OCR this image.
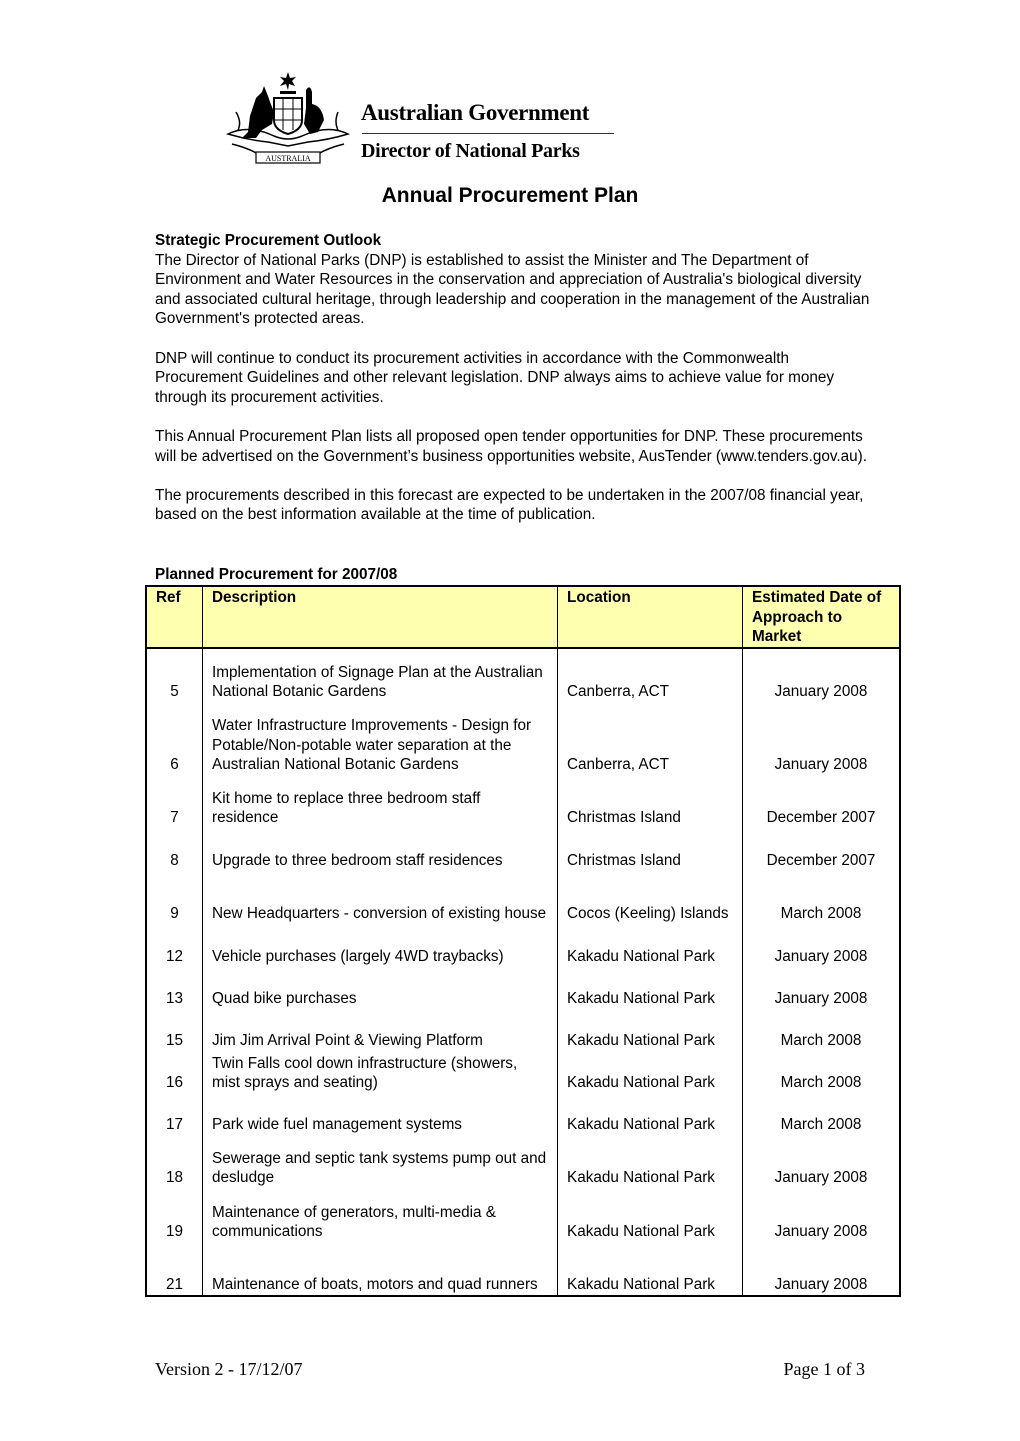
AUSTRALIA
Australian Government
Director of National Parks
Annual Procurement Plan

Strategic Procurement Outlook
The Director of National Parks (DNP) is established to assist the Minister and The Department of Environment and Water Resources in the conservation and appreciation of Australia's biological diversity and associated cultural heritage, through leadership and cooperation in the management of the Australian Government's protected areas.

DNP will continue to conduct its procurement activities in accordance with the Commonwealth Procurement Guidelines and other relevant legislation. DNP always aims to achieve value for money through its procurement activities.

This Annual Procurement Plan lists all proposed open tender opportunities for DNP. These procurements will be advertised on the Government’s business opportunities website, AusTender (www.tenders.gov.au).

The procurements described in this forecast are expected to be undertaken in the 2007/08 financial year, based on the best information available at the time of publication.

Planned Procurement for 2007/08
Ref	Description	Location	Estimated Date of Approach to Market
5	Implementation of Signage Plan at the Australian National Botanic Gardens	Canberra, ACT	January 2008
6	Water Infrastructure Improvements - Design for Potable/Non-potable water separation at the Australian National Botanic Gardens	Canberra, ACT	January 2008
7	Kit home to replace three bedroom staff residence	Christmas Island	December 2007
8	Upgrade to three bedroom staff residences	Christmas Island	December 2007
9	New Headquarters - conversion of existing house	Cocos (Keeling) Islands	March 2008
12	Vehicle purchases (largely 4WD traybacks)	Kakadu National Park	January 2008
13	Quad bike purchases	Kakadu National Park	January 2008
15	Jim Jim Arrival Point & Viewing Platform	Kakadu National Park	March 2008
16	Twin Falls cool down infrastructure (showers, mist sprays and seating)	Kakadu National Park	March 2008
17	Park wide fuel management systems	Kakadu National Park	March 2008
18	Sewerage and septic tank systems pump out and desludge	Kakadu National Park	January 2008
19	Maintenance of generators, multi-media & communications	Kakadu National Park	January 2008
21	Maintenance of boats, motors and quad runners	Kakadu National Park	January 2008
Version 2 - 17/12/07	Page 1 of 3
